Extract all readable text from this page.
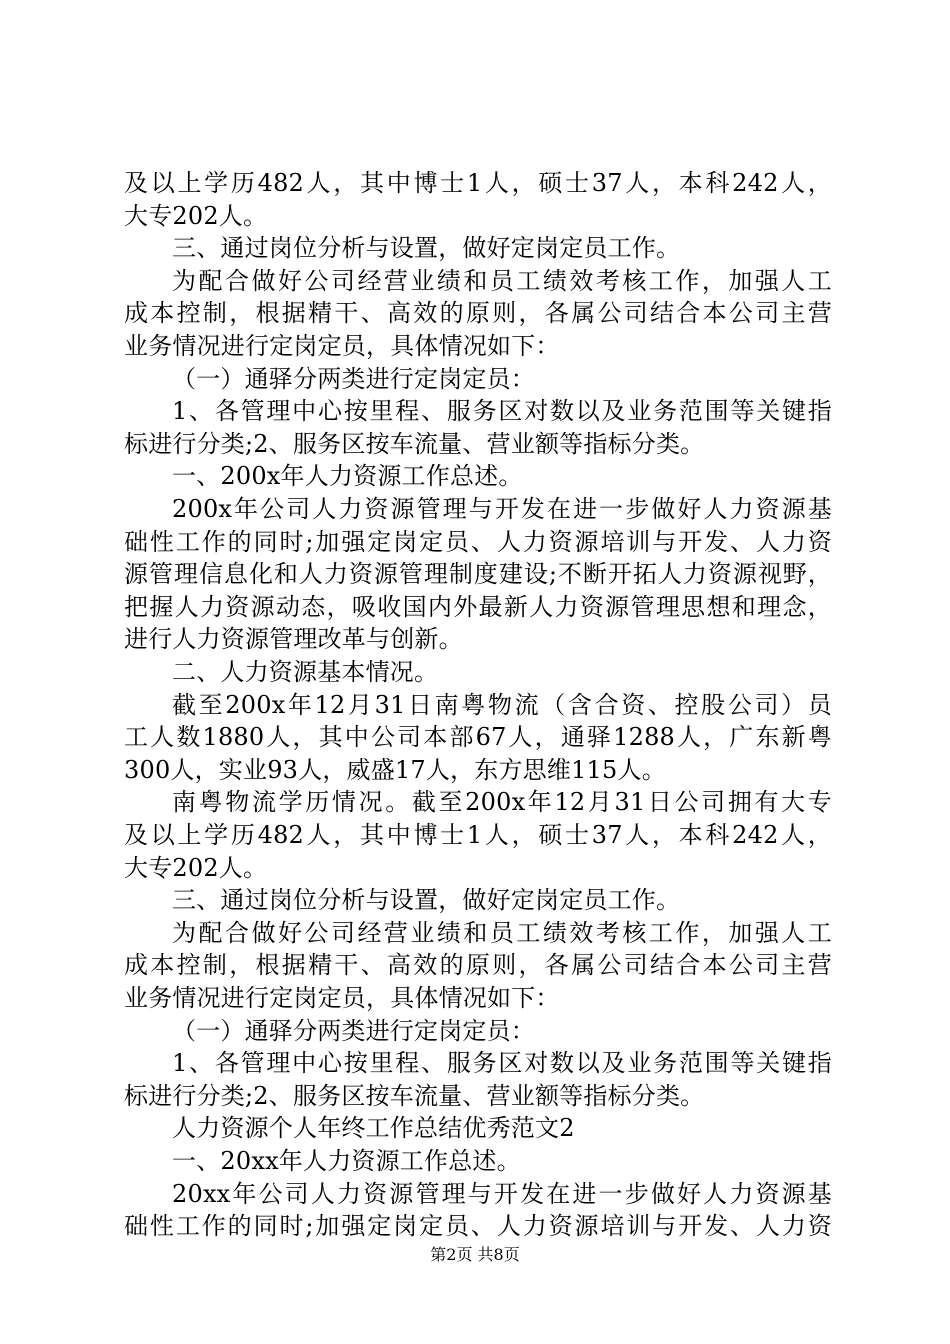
及以上学历482人，其中博士1人，硕士37人，本科242人，
大专202人。
三、通过岗位分析与设置，做好定岗定员工作。
为配合做好公司经营业绩和员工绩效考核工作，加强人工
成本控制，根据精干、高效的原则，各属公司结合本公司主营
业务情况进行定岗定员，具体情况如下：
（一）通驿分两类进行定岗定员：
1、各管理中心按里程、服务区对数以及业务范围等关键指
标进行分类;2、服务区按车流量、营业额等指标分类。
一、200x年人力资源工作总述。
200x年公司人力资源管理与开发在进一步做好人力资源基
础性工作的同时;加强定岗定员、人力资源培训与开发、人力资
源管理信息化和人力资源管理制度建设;不断开拓人力资源视野，
把握人力资源动态，吸收国内外最新人力资源管理思想和理念，
进行人力资源管理改革与创新。
二、人力资源基本情况。
截至200x年12月31日南粤物流（含合资、控股公司）员
工人数1880人，其中公司本部67人，通驿1288人，广东新粤
300人，实业93人，威盛17人，东方思维115人。
南粤物流学历情况。截至200x年12月31日公司拥有大专
及以上学历482人，其中博士1人，硕士37人，本科242人，
大专202人。
三、通过岗位分析与设置，做好定岗定员工作。
为配合做好公司经营业绩和员工绩效考核工作，加强人工
成本控制，根据精干、高效的原则，各属公司结合本公司主营
业务情况进行定岗定员，具体情况如下：
（一）通驿分两类进行定岗定员：
1、各管理中心按里程、服务区对数以及业务范围等关键指
标进行分类;2、服务区按车流量、营业额等指标分类。
人力资源个人年终工作总结优秀范文2
一、20xx年人力资源工作总述。
20xx年公司人力资源管理与开发在进一步做好人力资源基
础性工作的同时;加强定岗定员、人力资源培训与开发、人力资
第2页 共8页
